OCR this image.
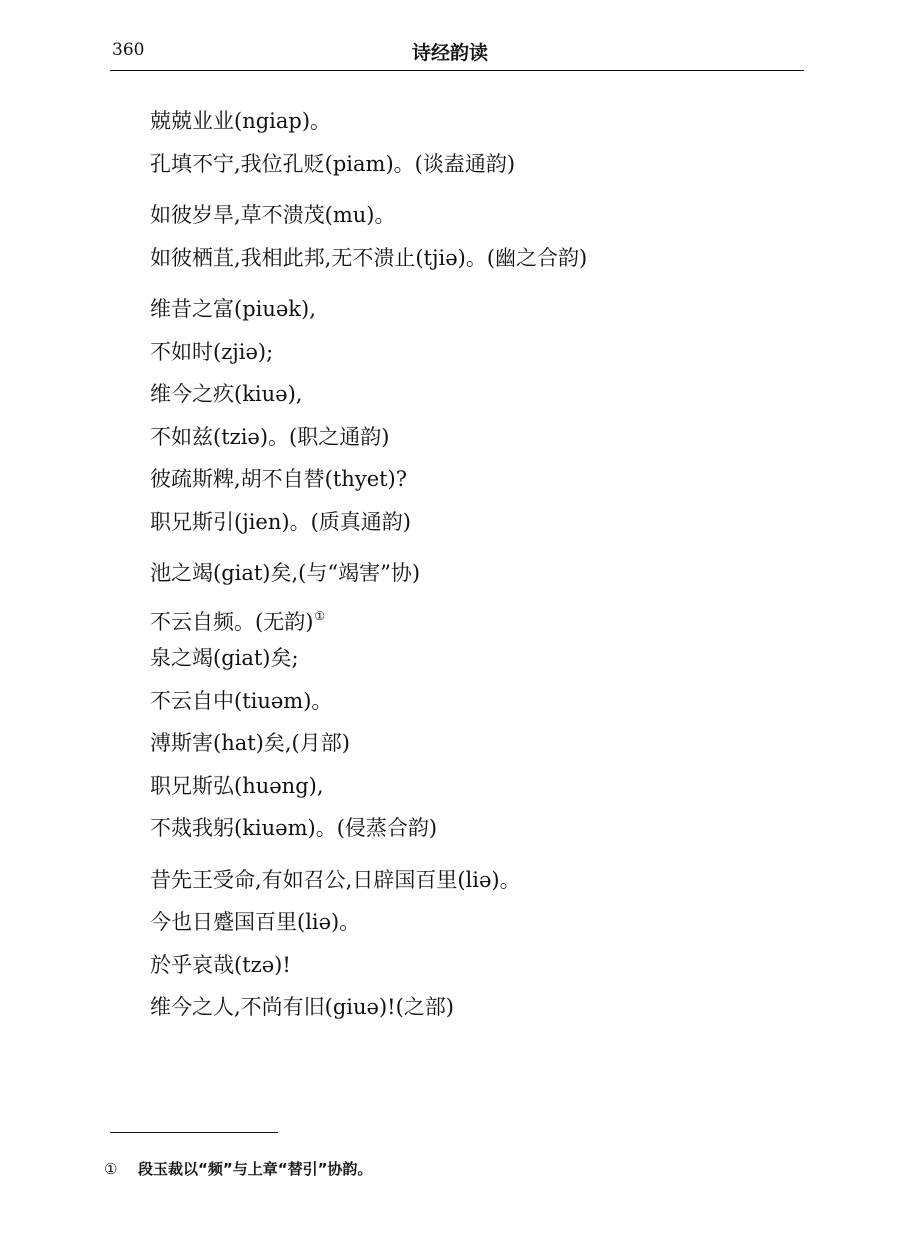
360	诗经韵读
兢兢业业(ngiap)。
孔填不宁,我位孔贬(piam)。(谈盍通韵)
如彼岁旱,草不溃茂(mu)。
如彼栖苴,我相此邦,无不溃止(tjiə)。(幽之合韵)
维昔之富(piuək),
不如时(zjiə);
维今之疚(kiuə),
不如兹(tziə)。(职之通韵)
彼疏斯粺,胡不自替(thyet)?
职兄斯引(jien)。(质真通韵)
池之竭(giat)矣,(与“竭害”协)
不云自频。(无韵)①
泉之竭(giat)矣;
不云自中(tiuəm)。
溥斯害(hat)矣,(月部)
职兄斯弘(huəng),
不烖我躬(kiuəm)。(侵蒸合韵)
昔先王受命,有如召公,日辟国百里(liə)。
今也日蹙国百里(liə)。
於乎哀哉(tzə)!
维今之人,不尚有旧(giuə)!(之部)
① 段玉裁以“频”与上章“替引”协韵。
